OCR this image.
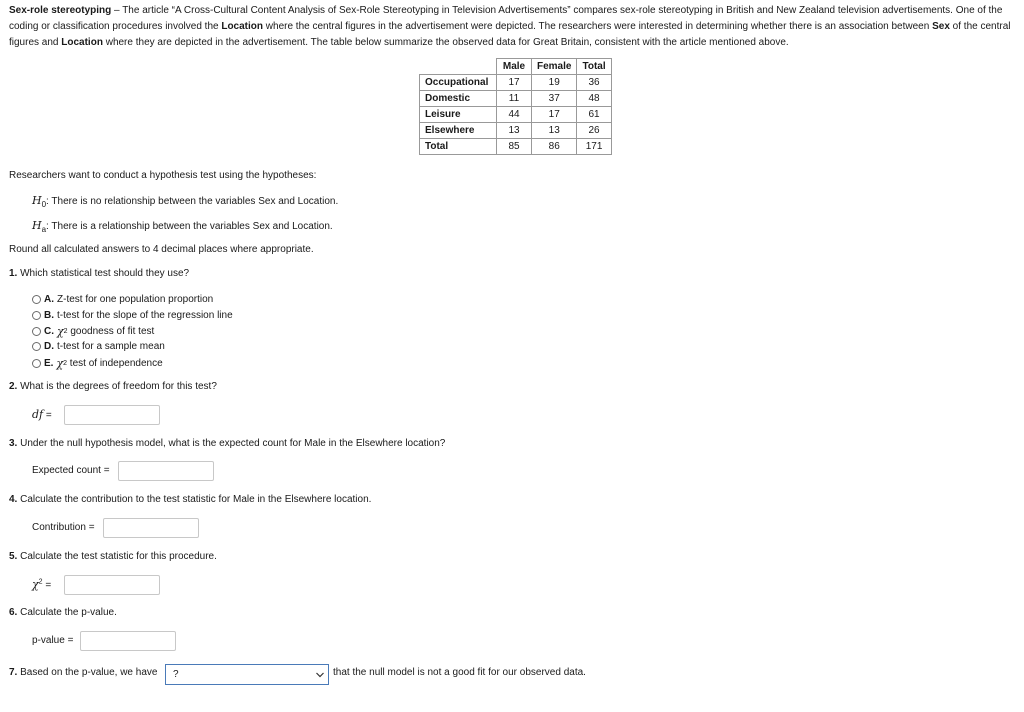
Sex-role stereotyping – The article “A Cross-Cultural Content Analysis of Sex-Role Stereotyping in Television Advertisements” compares sex-role stereotyping in British and New Zealand television advertisements. One of the coding or classification procedures involved the Location where the central figures in the advertisement were depicted. The researchers were interested in determining whether there is an association between Sex of the central figures and Location where they are depicted in the advertisement. The table below summarize the observed data for Great Britain, consistent with the article mentioned above.
	Male	Female	Total
Occupational	17	19	36
Domestic	11	37	48
Leisure	44	17	61
Elsewhere	13	13	26
Total	85	86	171
Researchers want to conduct a hypothesis test using the hypotheses:
$H_0$: There is no relationship between the variables Sex and Location.
$H_a$: There is a relationship between the variables Sex and Location.
Round all calculated answers to 4 decimal places where appropriate.
1. Which statistical test should they use?
A. Z-test for one population proportion
B. t-test for the slope of the regression line
C. χ 2 goodness of fit test
D. t-test for a sample mean
E. χ 2 test of independence
2. What is the degrees of freedom for this test?
df =
3. Under the null hypothesis model, what is the expected count for Male in the Elsewhere location?
Expected count =
4. Calculate the contribution to the test statistic for Male in the Elsewhere location.
Contribution =
5. Calculate the test statistic for this procedure.
$\chi^2$ =
6. Calculate the p-value.
p-value =
7. Based on the p-value, we have	?	that the null model is not a good fit for our observed data.
